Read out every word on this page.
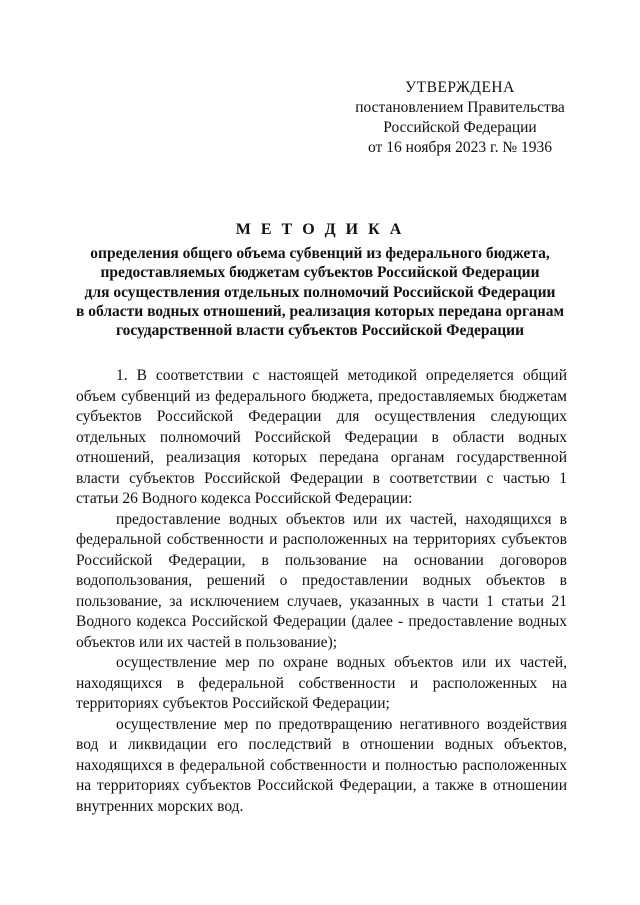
УТВЕРЖДЕНА
постановлением Правительства
Российской Федерации
от 16 ноября 2023 г. № 1936
М Е Т О Д И К А
определения общего объема субвенций из федерального бюджета,
предоставляемых бюджетам субъектов Российской Федерации
для осуществления отдельных полномочий Российской Федерации
в области водных отношений, реализация которых передана органам
государственной власти субъектов Российской Федерации

1. В соответствии с настоящей методикой определяется общий объем субвенций из федерального бюджета, предоставляемых бюджетам субъектов Российской Федерации для осуществления следующих отдельных полномочий Российской Федерации в области водных отношений, реализация которых передана органам государственной власти субъектов Российской Федерации в соответствии с частью 1 статьи 26 Водного кодекса Российской Федерации:

предоставление водных объектов или их частей, находящихся в федеральной собственности и расположенных на территориях субъектов Российской Федерации, в пользование на основании договоров водопользования, решений о предоставлении водных объектов в пользование, за исключением случаев, указанных в части 1 статьи 21 Водного кодекса Российской Федерации (далее - предоставление водных объектов или их частей в пользование);

осуществление мер по охране водных объектов или их частей, находящихся в федеральной собственности и расположенных на территориях субъектов Российской Федерации;

осуществление мер по предотвращению негативного воздействия вод и ликвидации его последствий в отношении водных объектов, находящихся в федеральной собственности и полностью расположенных на территориях субъектов Российской Федерации, а также в отношении внутренних морских вод.
